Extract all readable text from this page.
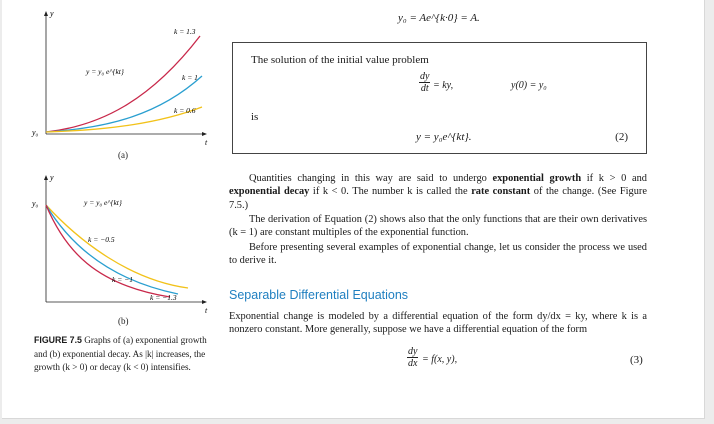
y
t
y₀
y = y₀ e^{kt}
k = 1.3
k = 1
k = 0.6
(a)
y
t
y₀	y = y₀ e^{kt}
k = −0.5
k = −1
k = −1.3
(b)
FIGURE 7.5 Graphs of (a) exponential growth and (b) exponential decay. As |k| increases, the growth (k > 0) or decay (k < 0) intensifies.
y₀ = Ae^{k·0} = A.
The solution of the initial value problem
$\frac{dy}{dt}$ = ky,	y(0) = y₀
is
y = y₀e^{kt}.	(2)
Quantities changing in this way are said to undergo exponential growth if k > 0 and exponential decay if k < 0. The number k is called the rate constant of the change. (See Figure 7.5.)
The derivation of Equation (2) shows also that the only functions that are their own derivatives (k = 1) are constant multiples of the exponential function.
Before presenting several examples of exponential change, let us consider the process we used to derive it.
Separable Differential Equations
Exponential change is modeled by a differential equation of the form dy/dx = ky, where k is a nonzero constant. More generally, suppose we have a differential equation of the form
$\frac{dy}{dx} = f(x$, y),	(3)
